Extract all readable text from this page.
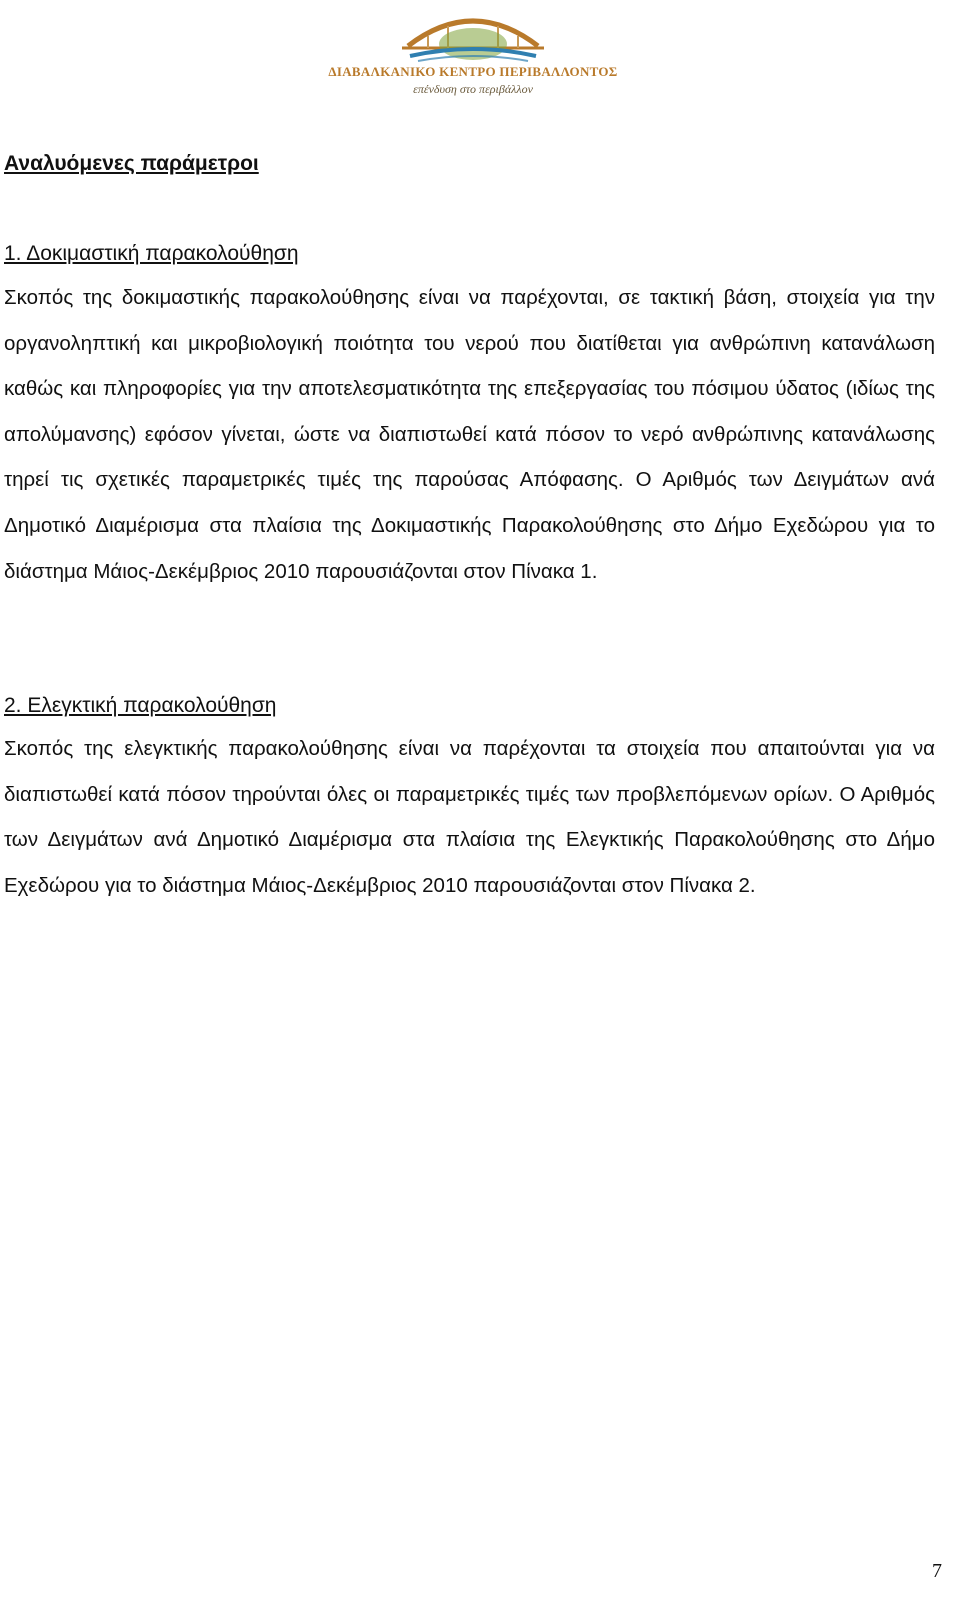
ΔΙΑΒΑΛΚΑΝΙΚΟ ΚΕΝΤΡΟ ΠΕΡΙΒΑΛΛΟΝΤΟΣ
επένδυση στο περιβάλλον
Αναλυόμενες παράμετροι
1. Δοκιμαστική παρακολούθηση

Σκοπός της δοκιμαστικής παρακολούθησης είναι να παρέχονται, σε τακτική βάση, στοιχεία για την οργανοληπτική και μικροβιολογική ποιότητα του νερού που διατίθεται για ανθρώπινη κατανάλωση καθώς και πληροφορίες για την αποτελεσματικότητα της επεξεργασίας του πόσιμου ύδατος (ιδίως της απολύμανσης) εφόσον γίνεται, ώστε να διαπιστωθεί κατά πόσον το νερό ανθρώπινης κατανάλωσης τηρεί τις σχετικές παραμετρικές τιμές της παρούσας Απόφασης. Ο Αριθμός των Δειγμάτων ανά Δημοτικό Διαμέρισμα στα πλαίσια της Δοκιμαστικής Παρακολούθησης στο Δήμο Εχεδώρου για το διάστημα Μάιος-Δεκέμβριος 2010 παρουσιάζονται στον Πίνακα 1.

2. Ελεγκτική παρακολούθηση

Σκοπός της ελεγκτικής παρακολούθησης είναι να παρέχονται τα στοιχεία που απαιτούνται για να διαπιστωθεί κατά πόσον τηρούνται όλες οι παραμετρικές τιμές των προβλεπόμενων ορίων. Ο Αριθμός των Δειγμάτων ανά Δημοτικό Διαμέρισμα στα πλαίσια της Ελεγκτικής Παρακολούθησης στο Δήμο Εχεδώρου για το διάστημα Μάιος-Δεκέμβριος 2010 παρουσιάζονται στον Πίνακα 2.

7
